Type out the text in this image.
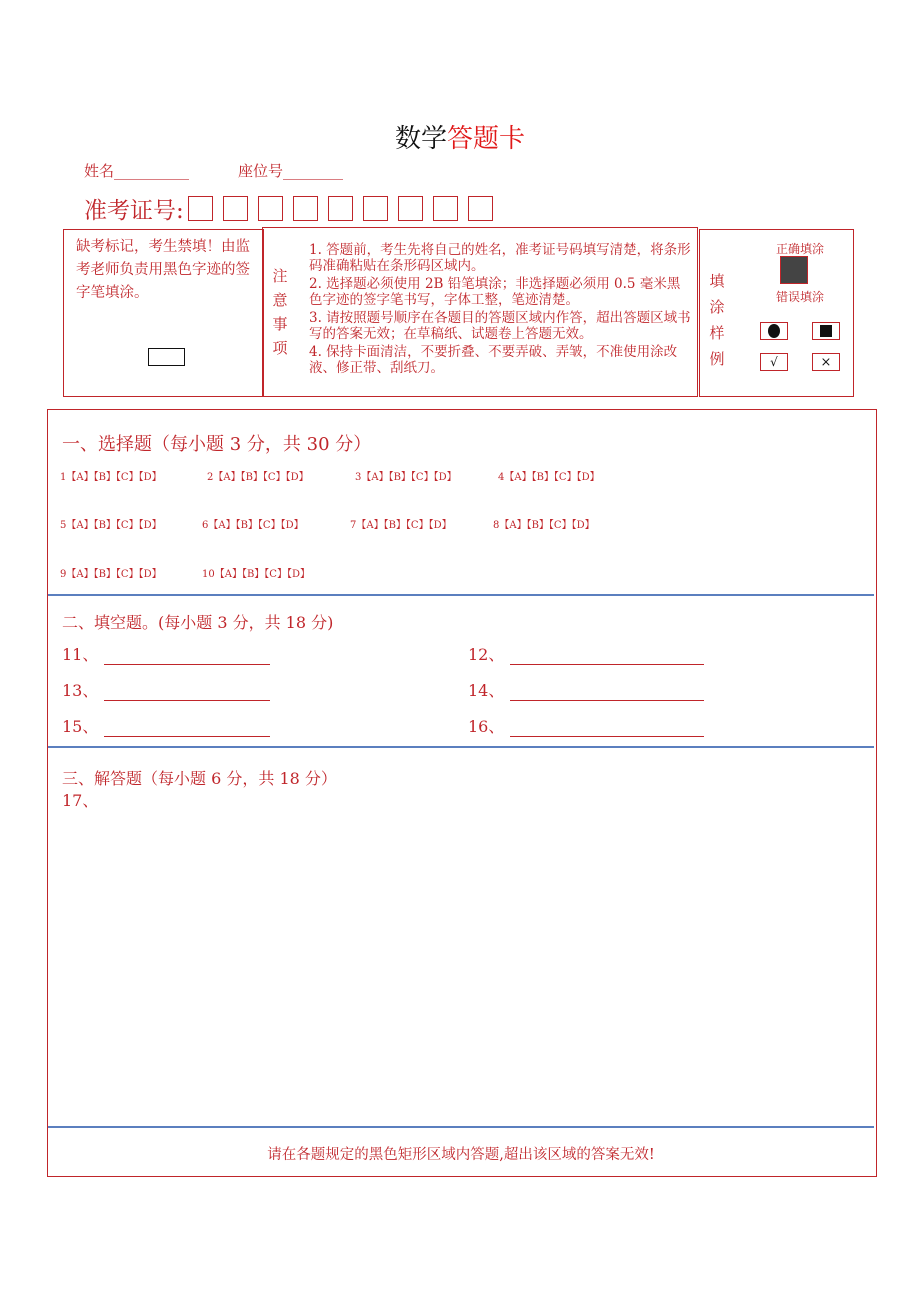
数学答题卡
姓名__________	座位号________
准考证号:
缺考标记，考生禁填！由监考老师负责用黑色字迹的签字笔填涂。
注
意
事
项
1. 答题前，考生先将自己的姓名，准考证号码填写清楚，将条形码准确粘贴在条形码区域内。
2. 选择题必须使用 2B 铅笔填涂；非选择题必须用 0.5 毫米黑色字迹的签字笔书写，字体工整，笔迹清楚。
3. 请按照题号顺序在各题目的答题区域内作答，超出答题区域书写的答案无效；在草稿纸、试题卷上答题无效。
4. 保持卡面清洁，不要折叠、不要弄破、弄皱，不准使用涂改液、修正带、刮纸刀。
填
涂
样
例
正确填涂
错误填涂
√	×
一、选择题（每小题 3 分，共 30 分）
1【A】【B】【C】【D】	2【A】【B】【C】【D】	3【A】【B】【C】【D】	4【A】【B】【C】【D】
5【A】【B】【C】【D】	6【A】【B】【C】【D】	7【A】【B】【C】【D】	8【A】【B】【C】【D】
9【A】【B】【C】【D】	10【A】【B】【C】【D】
二、填空题。(每小题 3 分，共 18 分)
11、	12、
13、	14、
15、	16、
三、解答题（每小题 6 分，共 18 分）
17、
请在各题规定的黑色矩形区域内答题,超出该区域的答案无效!
